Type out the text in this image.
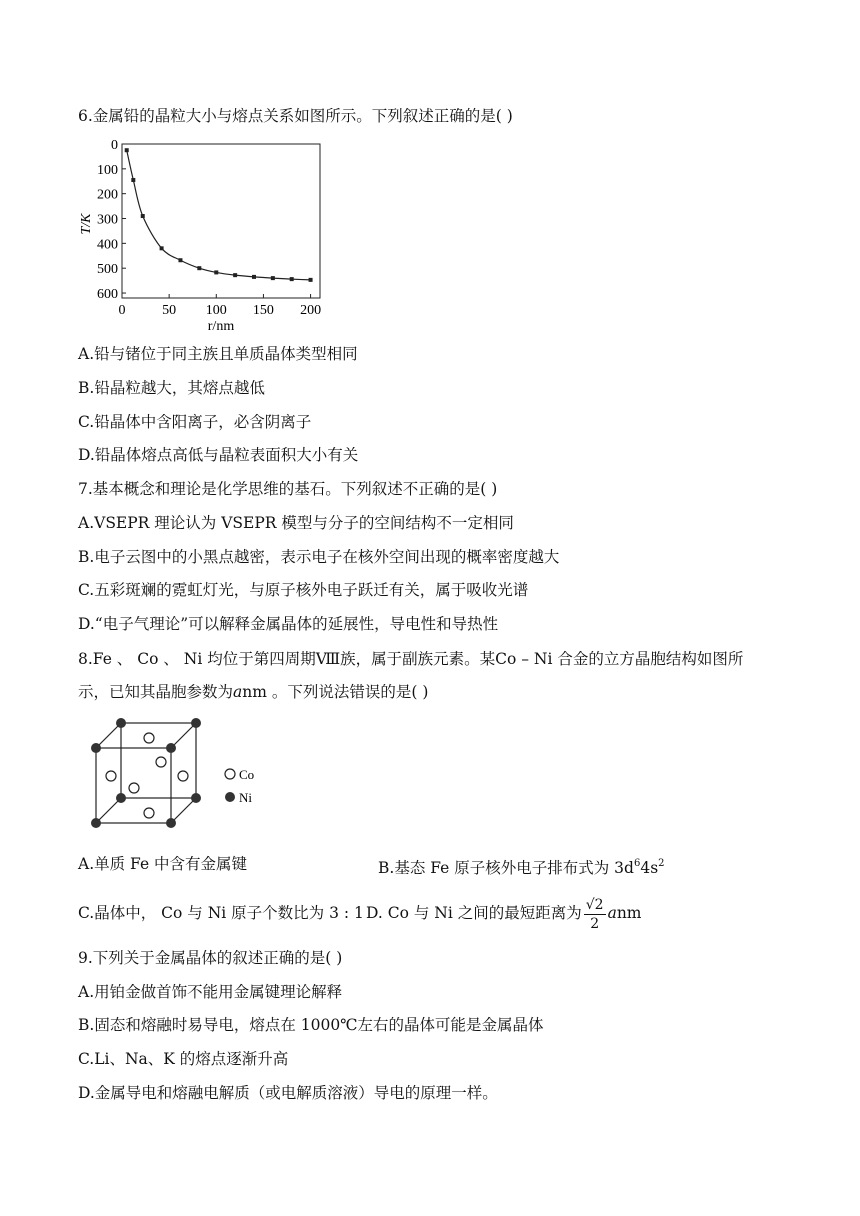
6.金属铅的晶粒大小与熔点关系如图所示。下列叙述正确的是( )
0
100
200
300
400
500
600
0	50 100 150 200
T/K
r/nm
A.铅与锗位于同主族且单质晶体类型相同
B.铅晶粒越大，其熔点越低
C.铅晶体中含阳离子，必含阴离子
D.铅晶体熔点高低与晶粒表面积大小有关
7.基本概念和理论是化学思维的基石。下列叙述不正确的是( )
A.VSEPR 理论认为 VSEPR 模型与分子的空间结构不一定相同
B.电子云图中的小黑点越密，表示电子在核外空间出现的概率密度越大
C.五彩斑斓的霓虹灯光，与原子核外电子跃迁有关，属于吸收光谱
D.“电子气理论”可以解释金属晶体的延展性，导电性和导热性
8.Fe 、 Co 、 Ni 均位于第四周期Ⅷ族，属于副族元素。某Co – Ni 合金的立方晶胞结构如图所
示，已知其晶胞参数为anm 。下列说法错误的是( )
Co
Ni
A.单质 Fe 中含有金属键	B.基态 Fe 原子核外电子排布式为 $3d^64s^2$
C.晶体中， Co 与 Ni 原子个数比为 3 : 1 D. Co 与 Ni 之间的最短距离为 $\frac{√2}{2}$ anm
9.下列关于金属晶体的叙述正确的是( )
A.用铂金做首饰不能用金属键理论解释
B.固态和熔融时易导电，熔点在 1000℃左右的晶体可能是金属晶体
C.Li、Na、K 的熔点逐渐升高
D.金属导电和熔融电解质（或电解质溶液）导电的原理一样。
